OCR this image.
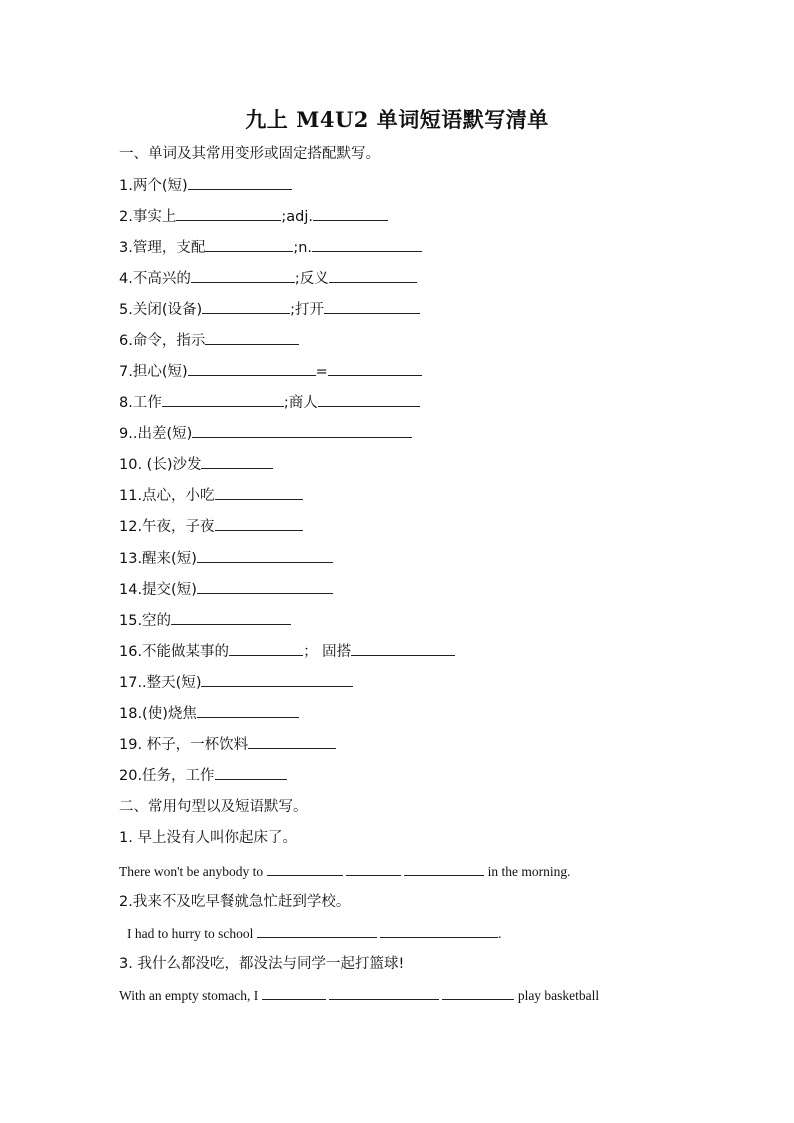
九上 M4U2 单词短语默写清单
一、单词及其常用变形或固定搭配默写。
1.两个(短)
2.事实上	;adj.
3.管理，支配	;n.
4.不高兴的	;反义
5.关闭(设备)	;打开
6.命令，指示
7.担心(短)	=
8.工作	;商人
9..出差(短)
10. (长)沙发
11.点心，小吃
12.午夜，子夜
13.醒来(短)
14.提交(短)
15.空的
16.不能做某事的	； 固搭
17..整天(短)
18.(使)烧焦
19. 杯子，一杯饮料
20.任务，工作
二、常用句型以及短语默写。
1. 早上没有人叫你起床了。
There won't be anybody to	in the morning.
2.我来不及吃早餐就急忙赶到学校。
I had to hurry to school	.
3. 我什么都没吃，都没法与同学一起打篮球!
With an empty stomach, I	play basketball
